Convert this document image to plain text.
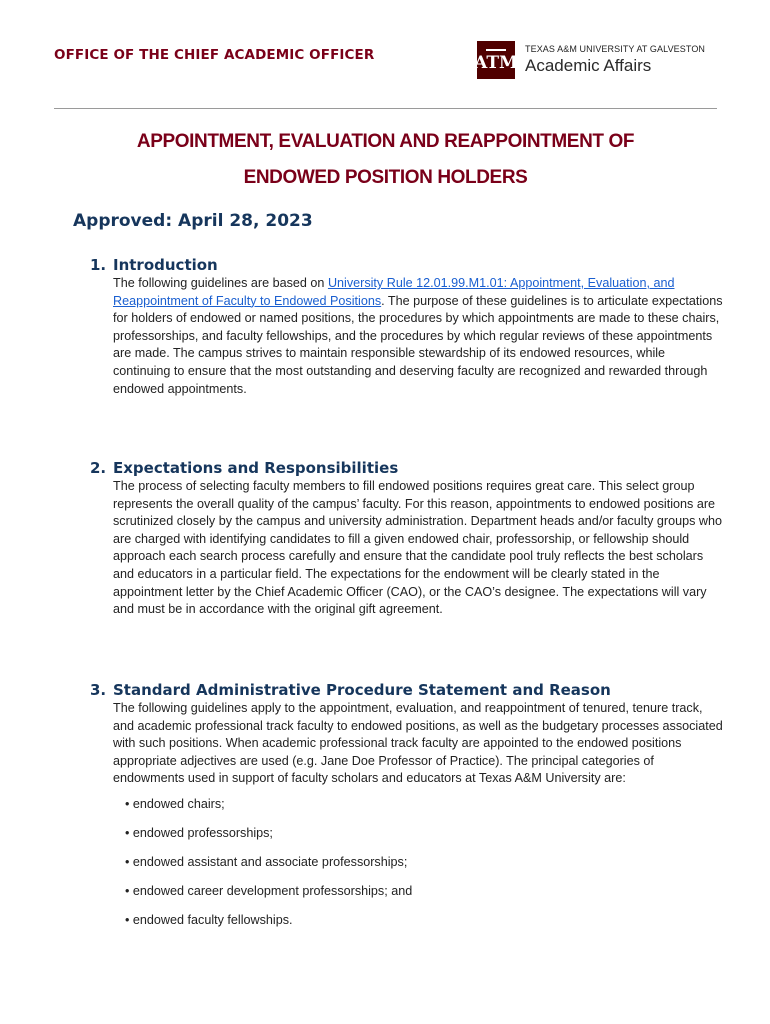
OFFICE OF THE CHIEF ACADEMIC OFFICER	ATM
TEXAS A&M UNIVERSITY AT GALVESTON
Academic Affairs
APPOINTMENT, EVALUATION AND REAPPOINTMENT OF
ENDOWED POSITION HOLDERS
Approved: April 28, 2023
1. Introduction
The following guidelines are based on University Rule 12.01.99.M1.01: Appointment, Evaluation, and Reappointment of Faculty to Endowed Positions. The purpose of these guidelines is to articulate expectations for holders of endowed or named positions, the procedures by which appointments are made to these chairs, professorships, and faculty fellowships, and the procedures by which regular reviews of these appointments are made. The campus strives to maintain responsible stewardship of its endowed resources, while continuing to ensure that the most outstanding and deserving faculty are recognized and rewarded through endowed appointments.
2. Expectations and Responsibilities
The process of selecting faculty members to fill endowed positions requires great care. This select group represents the overall quality of the campus’ faculty. For this reason, appointments to endowed positions are scrutinized closely by the campus and university administration. Department heads and/or faculty groups who are charged with identifying candidates to fill a given endowed chair, professorship, or fellowship should approach each search process carefully and ensure that the candidate pool truly reflects the best scholars and educators in a particular field. The expectations for the endowment will be clearly stated in the appointment letter by the Chief Academic Officer (CAO), or the CAO’s designee. The expectations will vary and must be in accordance with the original gift agreement.
3. Standard Administrative Procedure Statement and Reason
The following guidelines apply to the appointment, evaluation, and reappointment of tenured, tenure track, and academic professional track faculty to endowed positions, as well as the budgetary processes associated with such positions. When academic professional track faculty are appointed to the endowed positions appropriate adjectives are used (e.g. Jane Doe Professor of Practice). The principal categories of endowments used in support of faculty scholars and educators at Texas A&M University are:
• endowed chairs;
• endowed professorships;
• endowed assistant and associate professorships;
• endowed career development professorships; and
• endowed faculty fellowships.
